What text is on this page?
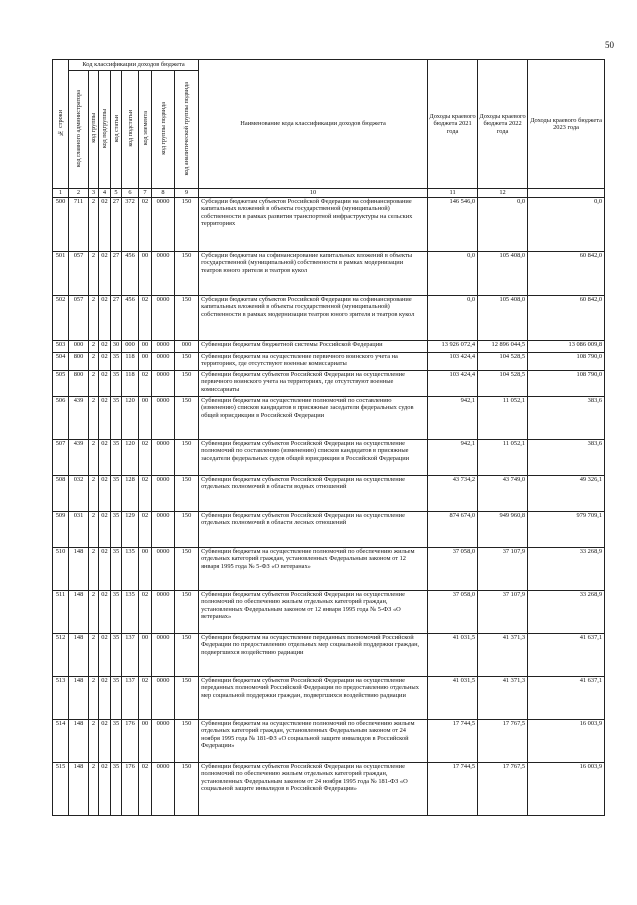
50
№ строки	Код классификации доходов бюджета								Наименование кода классификации доходов бюджета	Доходы краевого бюджета 2021 года	Доходы краевого бюджета 2022 года	Доходы краевого бюджета 2023 года
	код главного администратора	код группы	код подгруппы	код статьи	код подстатьи	код элемента	код группы подвида	код аналитической группы подвида				
1	2	3	4	5	6	7	8	9	10	11	12	
500	711	2	02	27	372	02	0000	150	Субсидии бюджетам субъектов Российской Федерации на софинансирование капитальных вложений в объекты государственной (муниципальной) собственности в рамках развития транспортной инфраструктуры на сельских территориях	146 546,0	0,0	0,0
501	057	2	02	27	456	00	0000	150	Субсидии бюджетам на софинансирование капитальных вложений в объекты государственной (муниципальной) собственности в рамках модернизации театров юного зрителя и театров кукол	0,0	105 408,0	60 842,0
502	057	2	02	27	456	02	0000	150	Субсидии бюджетам субъектов Российской Федерации на софинансирование капитальных вложений в объекты государственной (муниципальной) собственности в рамках модернизации театров юного зрителя и театров кукол	0,0	105 408,0	60 842,0
503	000	2	02	30	000	00	0000	000	Субвенции бюджетам бюджетной системы Российской Федерации	13 926 072,4	12 896 044,5	13 086 009,8
504	800	2	02	35	118	00	0000	150	Субвенции бюджетам на осуществление первичного воинского учета на территориях, где отсутствуют военные комиссариаты	103 424,4	104 528,5	108 790,0
505	800	2	02	35	118	02	0000	150	Субвенции бюджетам субъектов Российской Федерации на осуществление первичного воинского учета на территориях, где отсутствуют военные комиссариаты	103 424,4	104 528,5	108 790,0
506	439	2	02	35	120	00	0000	150	Субвенции бюджетам на осуществление полномочий по составлению (изменению) списков кандидатов в присяжные заседатели федеральных судов общей юрисдикции в Российской Федерации	942,1	11 052,1	383,6
507	439	2	02	35	120	02	0000	150	Субвенции бюджетам субъектов Российской Федерации на осуществление полномочий по составлению (изменению) списков кандидатов в присяжные заседатели федеральных судов общей юрисдикции в Российской Федерации	942,1	11 052,1	383,6
508	032	2	02	35	128	02	0000	150	Субвенции бюджетам субъектов Российской Федерации на осуществление отдельных полномочий в области водных отношений	43 734,2	43 749,0	49 326,1
509	031	2	02	35	129	02	0000	150	Субвенции бюджетам субъектов Российской Федерации на осуществление отдельных полномочий в области лесных отношений	874 674,0	949 960,8	979 709,1
510	148	2	02	35	135	00	0000	150	Субвенции бюджетам на осуществление полномочий по обеспечению жильем отдельных категорий граждан, установленных Федеральным законом от 12 января 1995 года № 5-ФЗ «О ветеранах»	37 058,0	37 107,9	33 268,9
511	148	2	02	35	135	02	0000	150	Субвенции бюджетам субъектов Российской Федерации на осуществление полномочий по обеспечению жильем отдельных категорий граждан, установленных Федеральным законом от 12 января 1995 года № 5-ФЗ «О ветеранах»	37 058,0	37 107,9	33 268,9
512	148	2	02	35	137	00	0000	150	Субвенции бюджетам на осуществление переданных полномочий Российской Федерации по предоставлению отдельных мер социальной поддержки граждан, подвергшихся воздействию радиации	41 031,5	41 371,3	41 637,1
513	148	2	02	35	137	02	0000	150	Субвенции бюджетам субъектов Российской Федерации на осуществление переданных полномочий Российской Федерации по предоставлению отдельных мер социальной поддержки граждан, подвергшихся воздействию радиации	41 031,5	41 371,3	41 637,1
514	148	2	02	35	176	00	0000	150	Субвенции бюджетам на осуществление полномочий по обеспечению жильем отдельных категорий граждан, установленных Федеральным законом от 24 ноября 1995 года № 181-ФЗ «О социальной защите инвалидов в Российской Федерации»	17 744,5	17 767,5	16 003,9
515	148	2	02	35	176	02	0000	150	Субвенции бюджетам субъектов Российской Федерации на осуществление полномочий по обеспечению жильем отдельных категорий граждан, установленных Федеральным законом от 24 ноября 1995 года № 181-ФЗ «О социальной защите инвалидов в Российской Федерации»	17 744,5	17 767,5	16 003,9
